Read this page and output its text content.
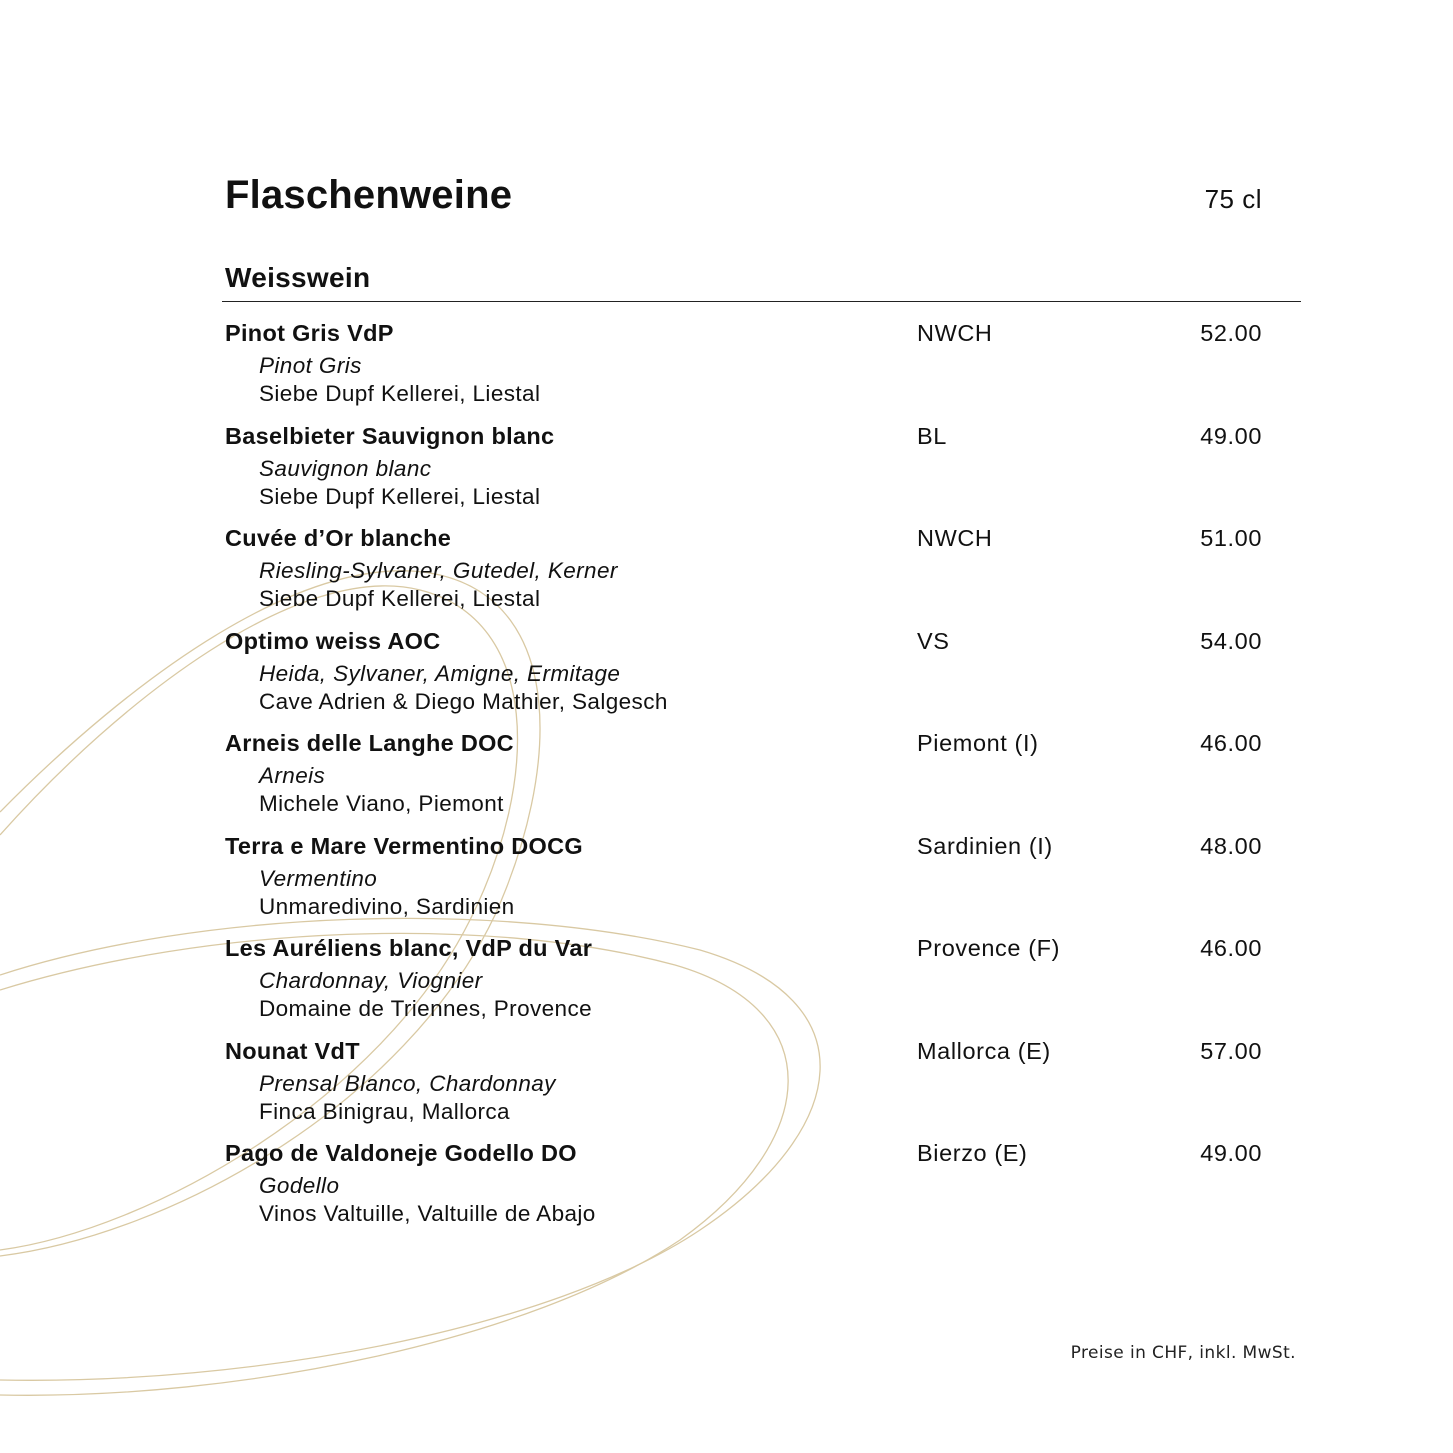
Flaschenweine	75 cl
Weisswein
Pinot Gris VdP
Pinot Gris
Siebe Dupf Kellerei, Liestal
NWCH	52.00
Baselbieter Sauvignon blanc
Sauvignon blanc
Siebe Dupf Kellerei, Liestal
BL	49.00
Cuvée d’Or blanche
Riesling-Sylvaner, Gutedel, Kerner
Siebe Dupf Kellerei, Liestal
NWCH	51.00
Optimo weiss AOC
Heida, Sylvaner, Amigne, Ermitage
Cave Adrien & Diego Mathier, Salgesch
VS	54.00
Arneis delle Langhe DOC
Arneis
Michele Viano, Piemont
Piemont (I)	46.00
Terra e Mare Vermentino DOCG
Vermentino
Unmaredivino, Sardinien
Sardinien (I)	48.00
Les Auréliens blanc, VdP du Var
Chardonnay, Viognier
Domaine de Triennes, Provence
Provence (F)	46.00
Nounat VdT
Prensal Blanco, Chardonnay
Finca Binigrau, Mallorca
Mallorca (E)	57.00
Pago de Valdoneje Godello DO
Godello
Vinos Valtuille, Valtuille de Abajo
Bierzo (E)	49.00
Preise in CHF, inkl. MwSt.
